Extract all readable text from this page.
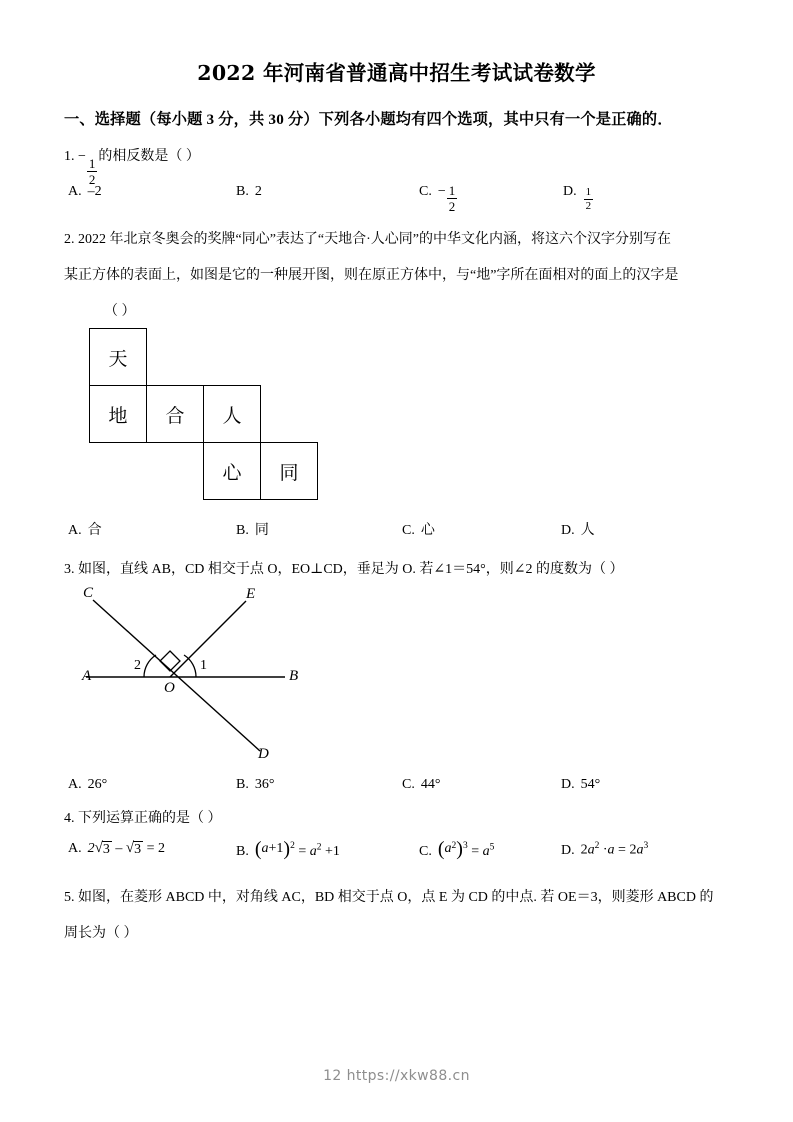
2022 年河南省普通高中招生考试试卷数学
一、选择题（每小题 3 分，共 30 分）下列各小题均有四个选项，其中只有一个是正确的．
1. −
$\frac{1}{2}$
的相反数是（ ）
A. –2	B. 2	C. − $\frac{1}{2}$	D. $\frac{1}{2}$
2. 2022 年北京冬奥会的奖牌“同心”表达了“天地合·人心同”的中华文化内涵，将这六个汉字分别写在
某正方体的表面上，如图是它的一种展开图，则在原正方体中，与“地”字所在面相对的面上的汉字是
（ ）
天
地	合	人
心	同
A. 合	B. 同	C. 心	D. 人
3. 如图，直线 AB，CD 相交于点 O，EO⊥CD，垂足为 O. 若∠1＝54°，则∠2 的度数为（ ）
A	B
C
D
E
O
1
2
A. 26°	B. 36°	C. 44°	D. 54°
4. 下列运算正确的是（ ）
A. 2 √ 3 – √ 3 = 2	B. ( a +1 )$^2 = a^2 +1$	C. ( $a^2$ )$^3 = a^5$	D. $2a^2 \cdot a = 2a^3$
5. 如图，在菱形 ABCD 中，对角线 AC，BD 相交于点 O，点 E 为 CD 的中点. 若 OE＝3，则菱形 ABCD 的
周长为（ ）
12 https://xkw88.cn
